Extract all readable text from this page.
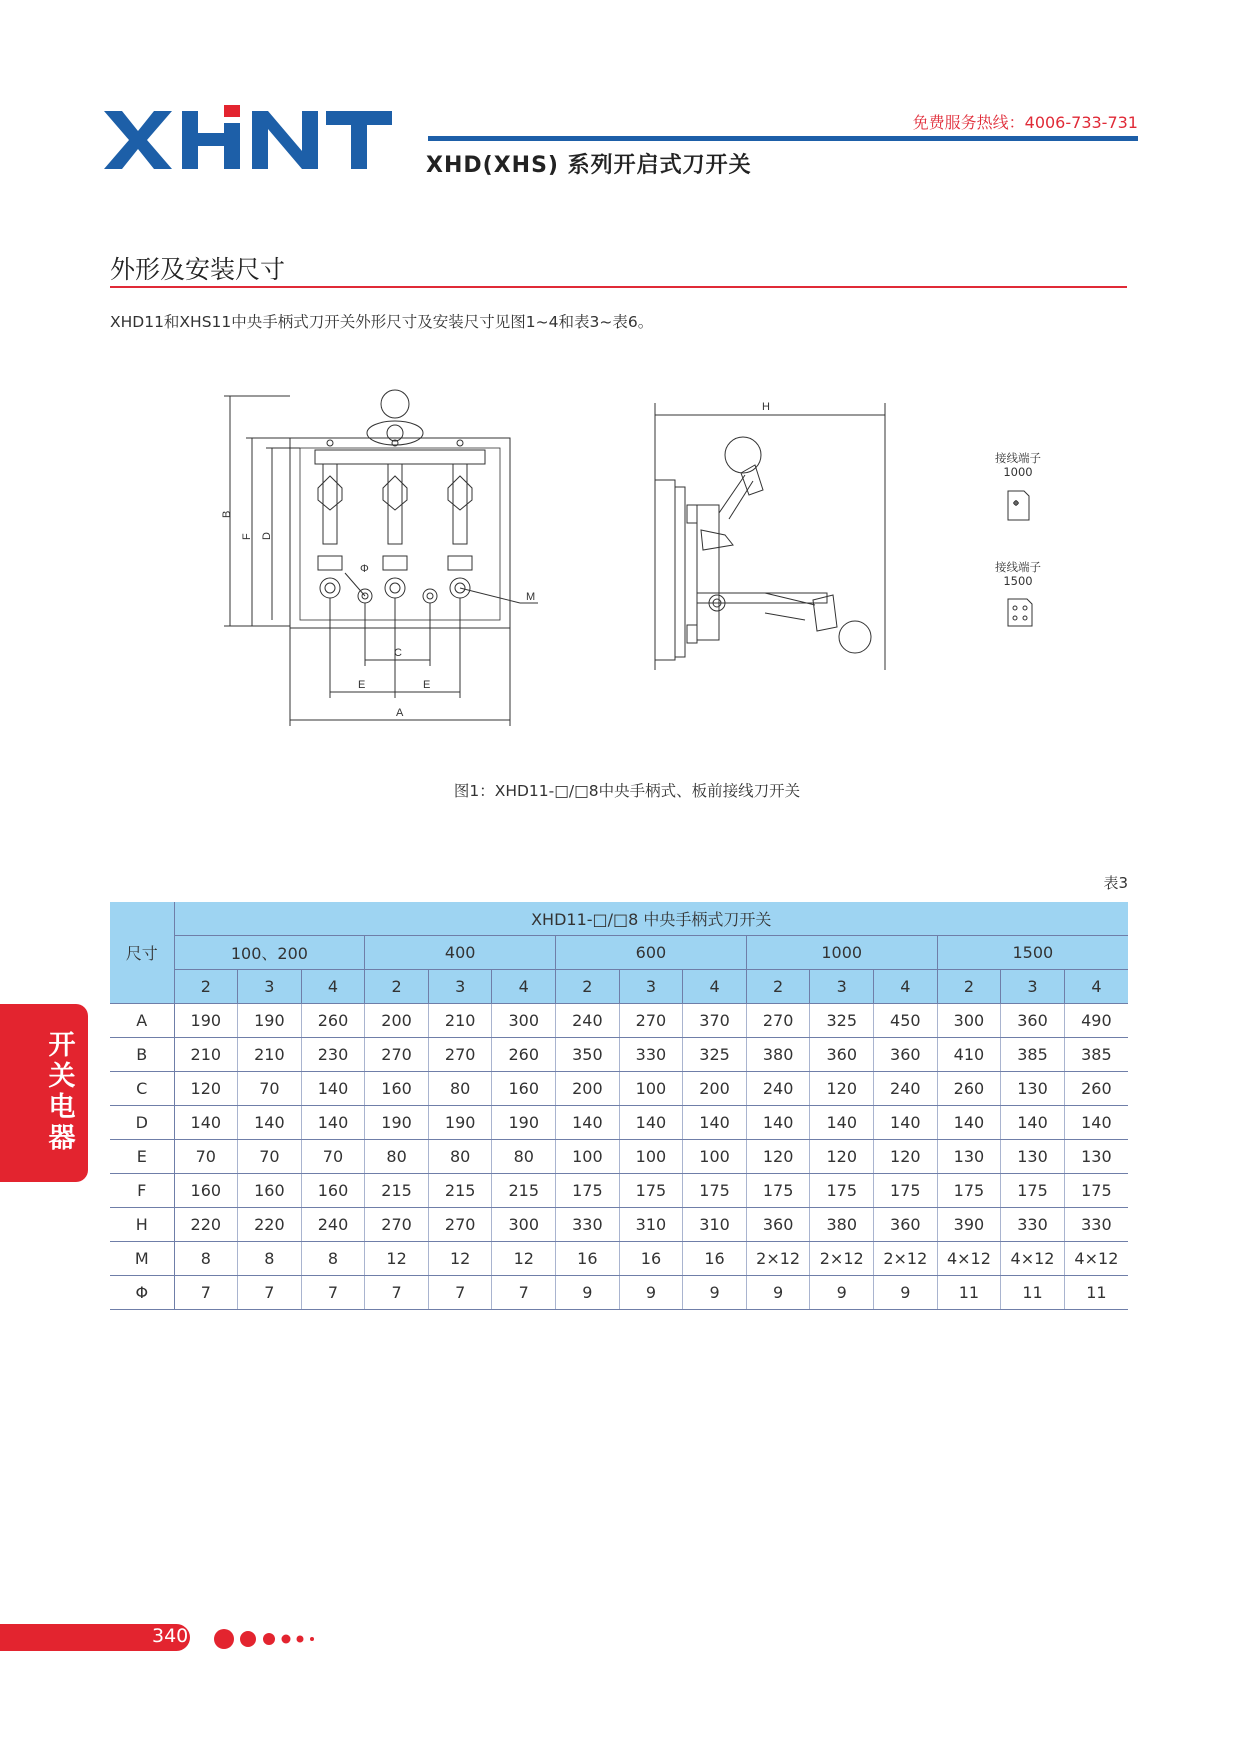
XHNT
免费服务热线：4006-733-731
XHD(XHS) 系列开启式刀开关
外形及安装尺寸
XHD11和XHS11中央手柄式刀开关外形尺寸及安装尺寸见图1~4和表3~表6。
B
F D
C
E	E
A
M
Φ
H
接线端子
1000
接线端子
1500
图1：XHD11-□/□8中央手柄式、板前接线刀开关
表3
尺寸	XHD11-□/□8 中央手柄式刀开关														
	100、200			400			600			1000			1500		
	2	3	4	2	3	4	2	3	4	2	3	4	2	3	4
A	190	190	260	200	210	300	240	270	370	270	325	450	300	360	490
B	210	210	230	270	270	260	350	330	325	380	360	360	410	385	385
C	120	70	140	160	80	160	200	100	200	240	120	240	260	130	260
D	140	140	140	190	190	190	140	140	140	140	140	140	140	140	140
E	70	70	70	80	80	80	100	100	100	120	120	120	130	130	130
F	160	160	160	215	215	215	175	175	175	175	175	175	175	175	175
H	220	220	240	270	270	300	330	310	310	360	380	360	390	330	330
M	8	8	8	12	12	12	16	16	16	2×12	2×12	2×12	4×12	4×12	4×12
Φ	7	7	7	7	7	7	9	9	9	9	9	9	11	11	11
开
关
电
器
340
